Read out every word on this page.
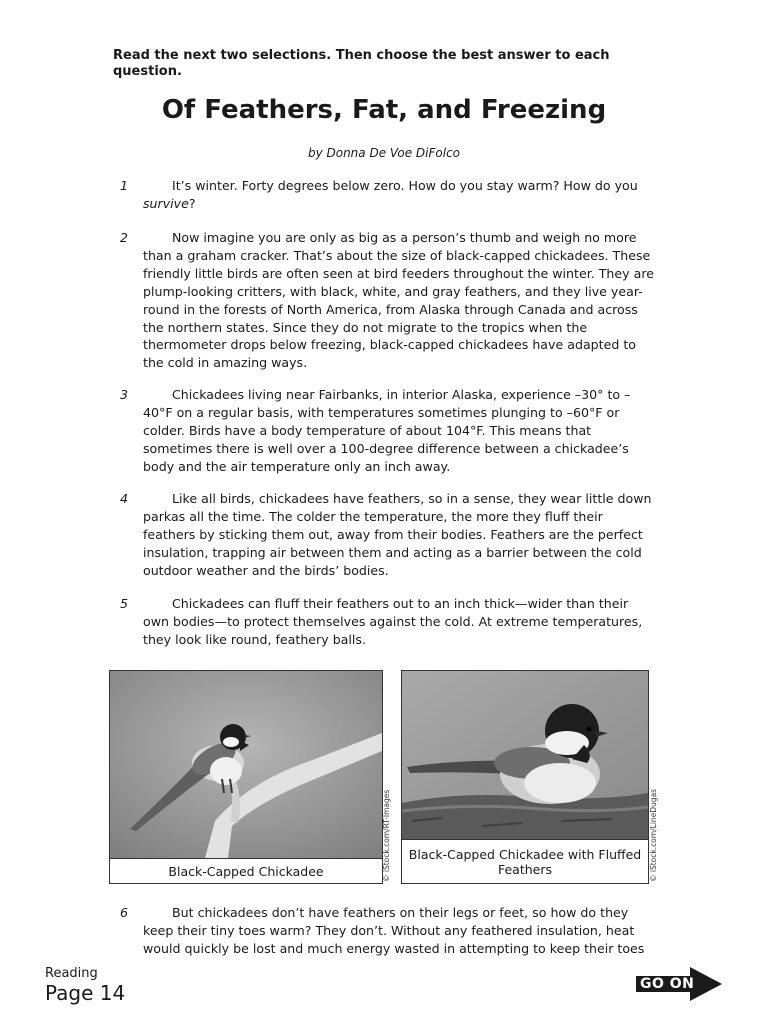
Read the next two selections. Then choose the best answer to each question.
Of Feathers, Fat, and Freezing
by Donna De Voe DiFolco
1	It’s winter. Forty degrees below zero. How do you stay warm? How do you survive?
2	Now imagine you are only as big as a person’s thumb and weigh no more than a graham cracker. That’s about the size of black-capped chickadees. These friendly little birds are often seen at bird feeders throughout the winter. They are plump-looking critters, with black, white, and gray feathers, and they live year-round in the forests of North America, from Alaska through Canada and across the northern states. Since they do not migrate to the tropics when the thermometer drops below freezing, black-capped chickadees have adapted to the cold in amazing ways.
3	Chickadees living near Fairbanks, in interior Alaska, experience –30° to –40°F on a regular basis, with temperatures sometimes plunging to –60°F or colder. Birds have a body temperature of about 104°F. This means that sometimes there is well over a 100-degree difference between a chickadee’s body and the air temperature only an inch away.
4	Like all birds, chickadees have feathers, so in a sense, they wear little down parkas all the time. The colder the temperature, the more they fluff their feathers by sticking them out, away from their bodies. Feathers are the perfect insulation, trapping air between them and acting as a barrier between the cold outdoor weather and the birds’ bodies.
5	Chickadees can fluff their feathers out to an inch thick—wider than their own bodies—to protect themselves against the cold. At extreme temperatures, they look like round, feathery balls.
Black-Capped Chickadee	© iStock.com/RT-Images	Black-Capped Chickadee with Fluffed Feathers	© iStock.com/LineDugas
6	But chickadees don’t have feathers on their legs or feet, so how do they keep their tiny toes warm? They don’t. Without any feathered insulation, heat would quickly be lost and much energy wasted in attempting to keep their toes
Reading
Page 14	GO ON
